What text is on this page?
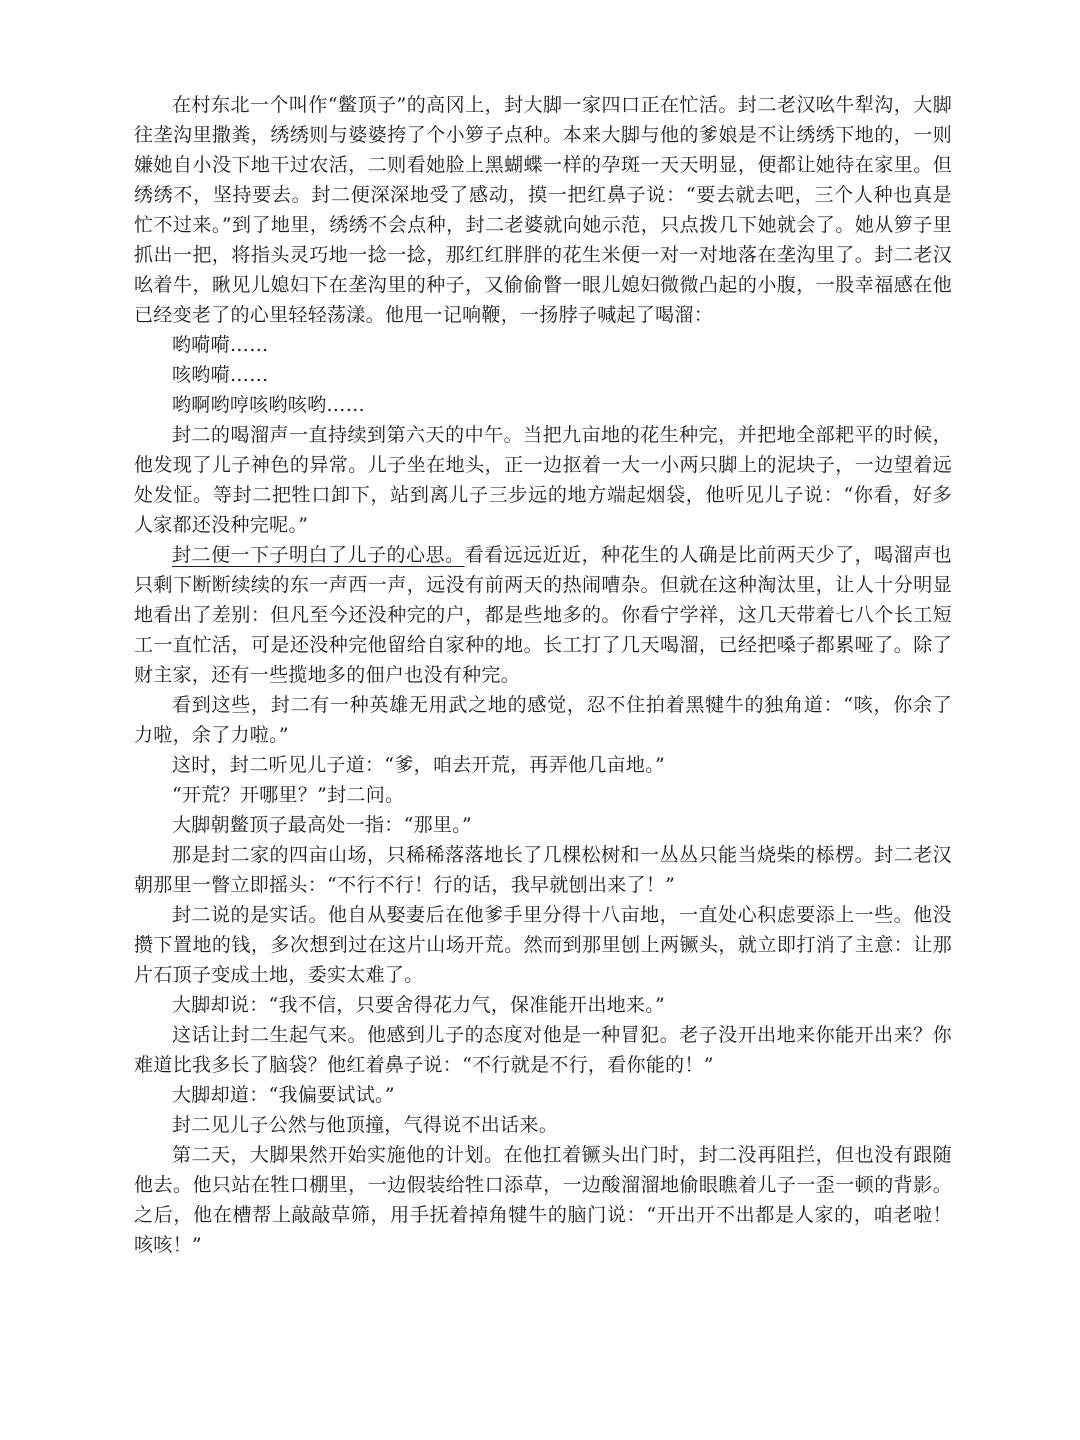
在村东北一个叫作“鳖顶子”的高冈上，封大脚一家四口正在忙活。封二老汉吆牛犁沟，大脚往垄沟里撒粪，绣绣则与婆婆挎了个小箩子点种。本来大脚与他的爹娘是不让绣绣下地的，一则嫌她自小没下地干过农活，二则看她脸上黑蝴蝶一样的孕斑一天天明显，便都让她待在家里。但绣绣不，坚持要去。封二便深深地受了感动，摸一把红鼻子说：“要去就去吧，三个人种也真是忙不过来。”到了地里，绣绣不会点种，封二老婆就向她示范，只点拨几下她就会了。她从箩子里抓出一把，将指头灵巧地一捻一捻，那红红胖胖的花生米便一对一对地落在垄沟里了。封二老汉吆着牛，瞅见儿媳妇下在垄沟里的种子，又偷偷瞥一眼儿媳妇微微凸起的小腹，一股幸福感在他已经变老了的心里轻轻荡漾。他甩一记响鞭，一扬脖子喊起了喝溜：

哟嗬嗬……

咳哟嗬……

哟啊哟哼咳哟咳哟……

封二的喝溜声一直持续到第六天的中午。当把九亩地的花生种完，并把地全部耙平的时候，他发现了儿子神色的异常。儿子坐在地头，正一边抠着一大一小两只脚上的泥块子，一边望着远处发怔。等封二把牲口卸下，站到离儿子三步远的地方端起烟袋，他听见儿子说：“你看，好多人家都还没种完呢。”

封二便一下子明白了儿子的心思。看看远远近近，种花生的人确是比前两天少了，喝溜声也只剩下断断续续的东一声西一声，远没有前两天的热闹嘈杂。但就在这种淘汰里，让人十分明显地看出了差别：但凡至今还没种完的户，都是些地多的。你看宁学祥，这几天带着七八个长工短工一直忙活，可是还没种完他留给自家种的地。长工打了几天喝溜，已经把嗓子都累哑了。除了财主家，还有一些揽地多的佃户也没有种完。

看到这些，封二有一种英雄无用武之地的感觉，忍不住拍着黑犍牛的独角道：“咳，你余了力啦，余了力啦。”

这时，封二听见儿子道：“爹，咱去开荒，再弄他几亩地。”

“开荒？开哪里？”封二问。

大脚朝鳖顶子最高处一指：“那里。”

那是封二家的四亩山场，只稀稀落落地长了几棵松树和一丛丛只能当烧柴的㮇楞。封二老汉朝那里一瞥立即摇头：“不行不行！行的话，我早就刨出来了！”

封二说的是实话。他自从娶妻后在他爹手里分得十八亩地，一直处心积虑要添上一些。他没攒下置地的钱，多次想到过在这片山场开荒。然而到那里刨上两镢头，就立即打消了主意：让那片石顶子变成土地，委实太难了。

大脚却说：“我不信，只要舍得花力气，保准能开出地来。”

这话让封二生起气来。他感到儿子的态度对他是一种冒犯。老子没开出地来你能开出来？你难道比我多长了脑袋？他红着鼻子说：“不行就是不行，看你能的！”

大脚却道：“我偏要试试。”

封二见儿子公然与他顶撞，气得说不出话来。

第二天，大脚果然开始实施他的计划。在他扛着镢头出门时，封二没再阻拦，但也没有跟随他去。他只站在牲口棚里，一边假装给牲口添草，一边酸溜溜地偷眼瞧着儿子一歪一顿的背影。之后，他在槽帮上敲敲草筛，用手抚着掉角犍牛的脑门说：“开出开不出都是人家的，咱老啦！咳咳！”
